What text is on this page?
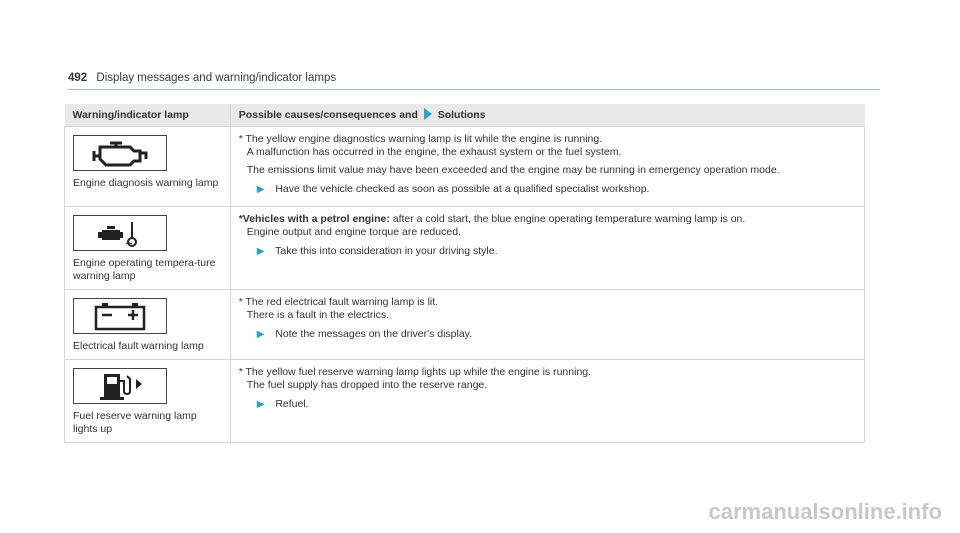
492 Display messages and warning/indicator lamps
Warning/indicator lamp	Possible causes/consequences and Solutions

Engine diagnosis warning lamp	* The yellow engine diagnostics warning lamp is lit while the engine is running.

A malfunction has occurred in the engine, the exhaust system or the fuel system.

The emissions limit value may have been exceeded and the engine may be running in emergency operation mode.

▶ Have the vehicle checked as soon as possible at a qualified specialist workshop.

Engine operating tempera-ture warning lamp	*Vehicles with a petrol engine: after a cold start, the blue engine operating temperature warning lamp is on.

Engine output and engine torque are reduced.

▶ Take this into consideration in your driving style.

Electrical fault warning lamp	* The red electrical fault warning lamp is lit.

There is a fault in the electrics.

▶ Note the messages on the driver's display.

Fuel reserve warning lamp lights up	* The yellow fuel reserve warning lamp lights up while the engine is running.

The fuel supply has dropped into the reserve range.

▶ Refuel.
carmanualsonline.info
